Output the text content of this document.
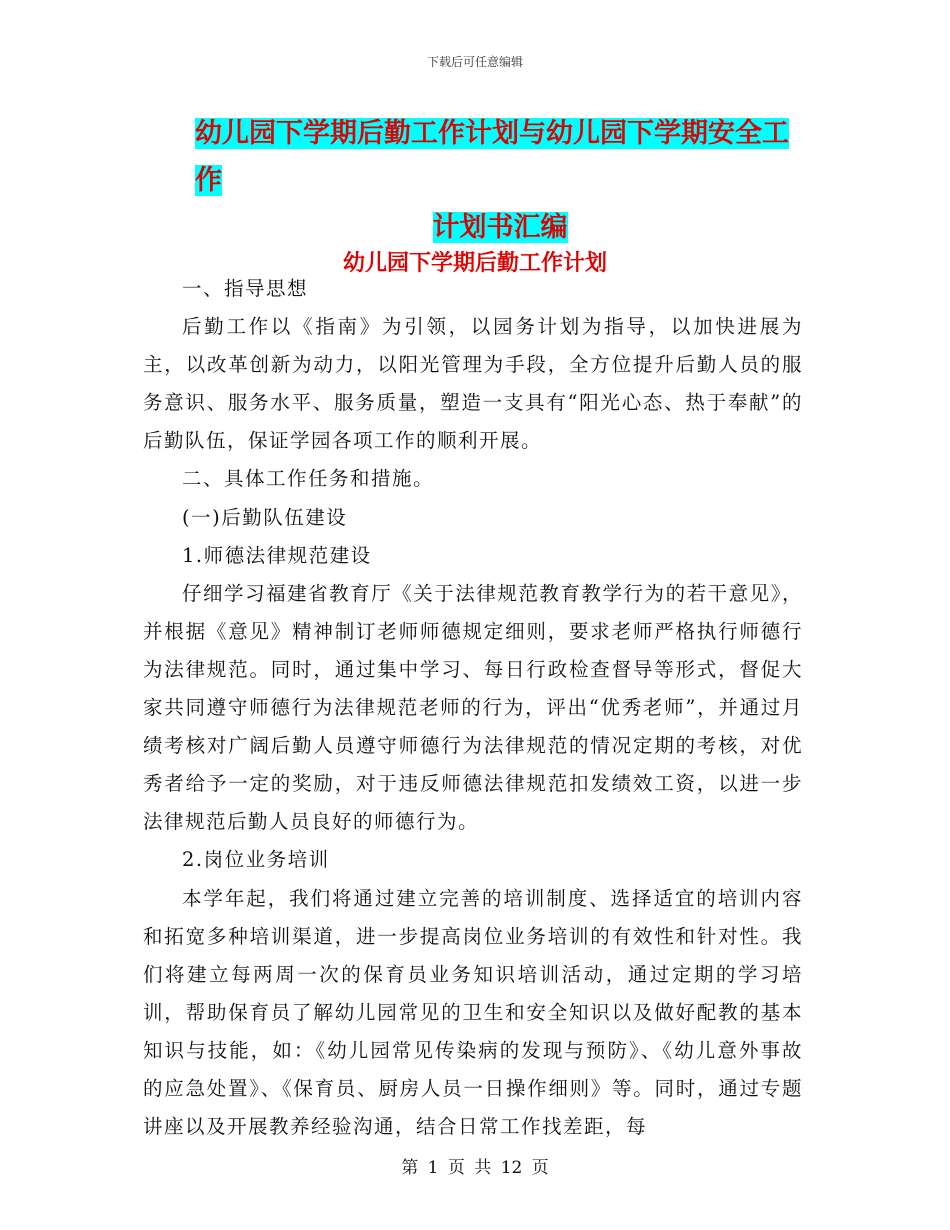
下载后可任意编辑
幼儿园下学期后勤工作计划与幼儿园下学期安全工作
计划书汇编
幼儿园下学期后勤工作计划

一、指导思想

后勤工作以《指南》为引领，以园务计划为指导，以加快进展为主，以改革创新为动力，以阳光管理为手段，全方位提升后勤人员的服务意识、服务水平、服务质量，塑造一支具有“阳光心态、热于奉献”的后勤队伍，保证学园各项工作的顺利开展。

二、具体工作任务和措施。

(一)后勤队伍建设

1.师德法律规范建设

仔细学习福建省教育厅《关于法律规范教育教学行为的若干意见》，并根据《意见》精神制订老师师德规定细则，要求老师严格执行师德行为法律规范。同时，通过集中学习、每日行政检查督导等形式，督促大家共同遵守师德行为法律规范老师的行为，评出“优秀老师”，并通过月绩考核对广阔后勤人员遵守师德行为法律规范的情况定期的考核，对优秀者给予一定的奖励，对于违反师德法律规范扣发绩效工资，以进一步法律规范后勤人员良好的师德行为。

2.岗位业务培训

本学年起，我们将通过建立完善的培训制度、选择适宜的培训内容和拓宽多种培训渠道，进一步提高岗位业务培训的有效性和针对性。我们将建立每两周一次的保育员业务知识培训活动，通过定期的学习培训，帮助保育员了解幼儿园常见的卫生和安全知识以及做好配教的基本知识与技能，如：《幼儿园常见传染病的发现与预防》、《幼儿意外事故的应急处置》、《保育员、厨房人员一日操作细则》等。同时，通过专题讲座以及开展教养经验沟通，结合日常工作找差距，每

第 1 页 共 12 页
